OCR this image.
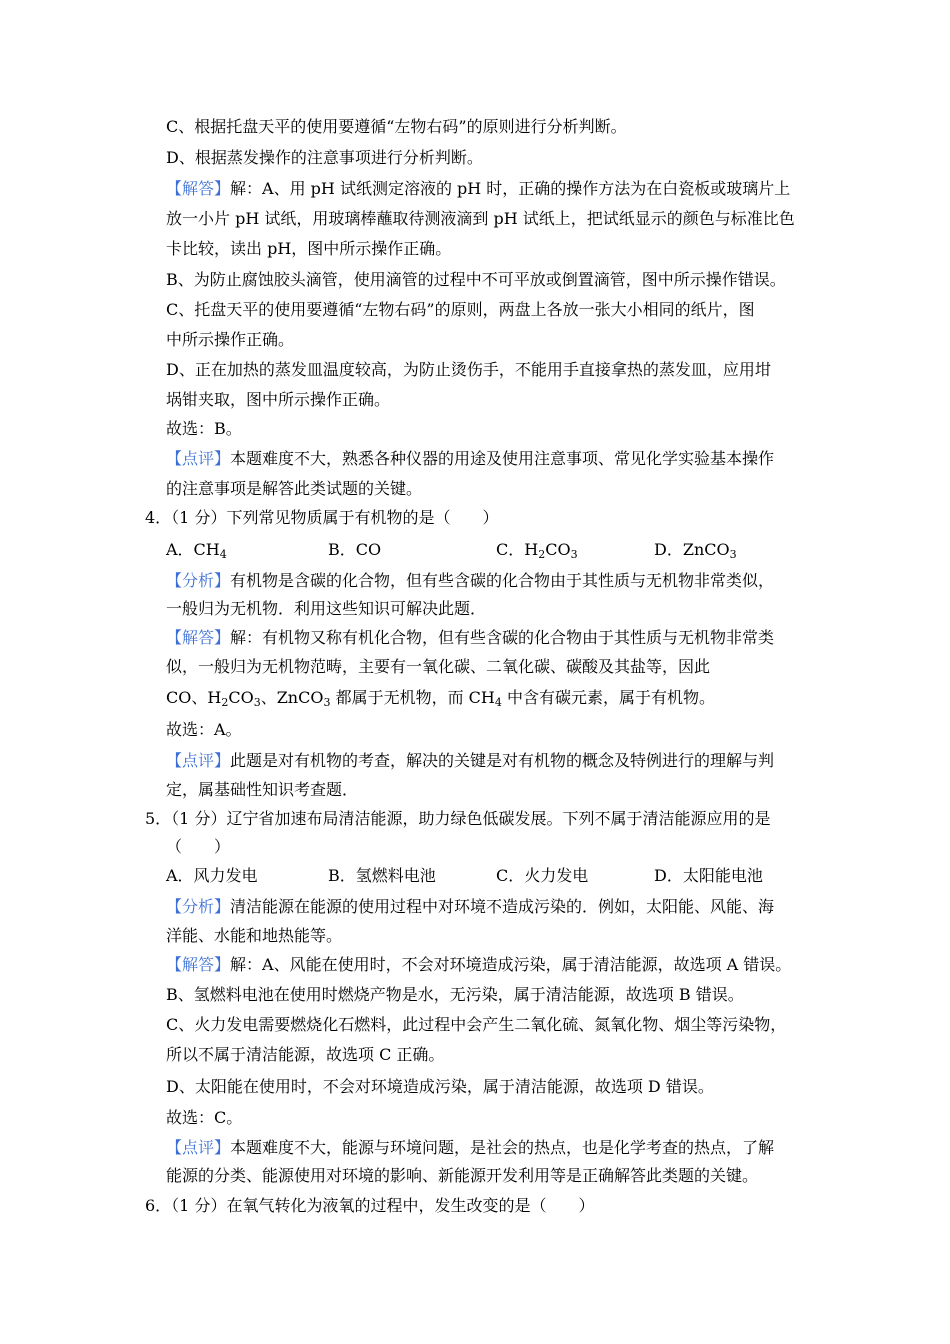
C、根据托盘天平的使用要遵循“左物右码”的原则进行分析判断。
D、根据蒸发操作的注意事项进行分析判断。
【解答】解：A、用 pH 试纸测定溶液的 pH 时，正确的操作方法为在白瓷板或玻璃片上
放一小片 pH 试纸，用玻璃棒蘸取待测液滴到 pH 试纸上，把试纸显示的颜色与标准比色
卡比较，读出 pH，图中所示操作正确。
B、为防止腐蚀胶头滴管，使用滴管的过程中不可平放或倒置滴管，图中所示操作错误。
C、托盘天平的使用要遵循“左物右码”的原则，两盘上各放一张大小相同的纸片，图
中所示操作正确。
D、正在加热的蒸发皿温度较高，为防止烫伤手，不能用手直接拿热的蒸发皿，应用坩
埚钳夹取，图中所示操作正确。
故选：B。
【点评】本题难度不大，熟悉各种仪器的用途及使用注意事项、常见化学实验基本操作
的注意事项是解答此类试题的关键。
4．（1 分）下列常见物质属于有机物的是（　　）
A．$CH_4$	B．CO	C．$H_2CO_3$	D．ZnCO$_3$
【分析】有机物是含碳的化合物，但有些含碳的化合物由于其性质与无机物非常类似，
一般归为无机物．利用这些知识可解决此题．
【解答】解：有机物又称有机化合物，但有些含碳的化合物由于其性质与无机物非常类
似，一般归为无机物范畴，主要有一氧化碳、二氧化碳、碳酸及其盐等，因此
CO、$H_2CO_3$、ZnCO$_3$ 都属于无机物，而 $CH_4$ 中含有碳元素，属于有机物。
故选：A。
【点评】此题是对有机物的考查，解决的关键是对有机物的概念及特例进行的理解与判
定，属基础性知识考查题．
5．（1 分）辽宁省加速布局清洁能源，助力绿色低碳发展。下列不属于清洁能源应用的是
（　　）
A．风力发电	B．氢燃料电池	C．火力发电	D．太阳能电池
【分析】清洁能源在能源的使用过程中对环境不造成污染的．例如，太阳能、风能、海
洋能、水能和地热能等。
【解答】解：A、风能在使用时，不会对环境造成污染，属于清洁能源，故选项 A 错误。
B、氢燃料电池在使用时燃烧产物是水，无污染，属于清洁能源，故选项 B 错误。
C、火力发电需要燃烧化石燃料，此过程中会产生二氧化硫、氮氧化物、烟尘等污染物，
所以不属于清洁能源，故选项 C 正确。
D、太阳能在使用时，不会对环境造成污染，属于清洁能源，故选项 D 错误。
故选：C。
【点评】本题难度不大，能源与环境问题，是社会的热点，也是化学考查的热点，了解
能源的分类、能源使用对环境的影响、新能源开发利用等是正确解答此类题的关键。
6．（1 分）在氧气转化为液氧的过程中，发生改变的是（　　）
